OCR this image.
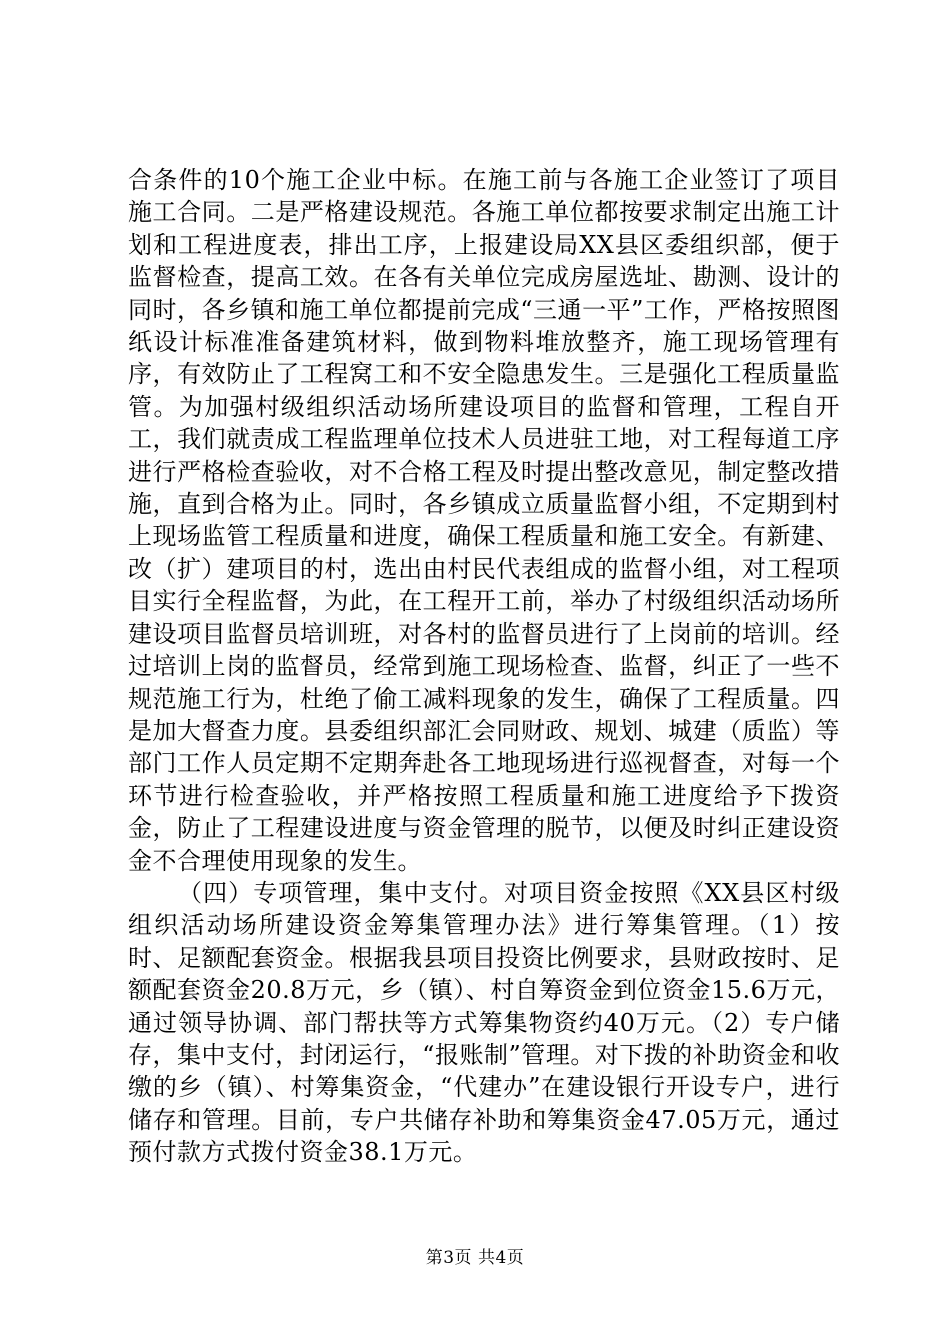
合条件的10个施工企业中标。在施工前与各施工企业签订了项目施工合同。二是严格建设规范。各施工单位都按要求制定出施工计划和工程进度表，排出工序，上报建设局XX县区委组织部，便于监督检查，提高工效。在各有关单位完成房屋选址、勘测、设计的同时，各乡镇和施工单位都提前完成“三通一平”工作，严格按照图纸设计标准准备建筑材料，做到物料堆放整齐，施工现场管理有序，有效防止了工程窝工和不安全隐患发生。三是强化工程质量监管。为加强村级组织活动场所建设项目的监督和管理，工程自开工，我们就责成工程监理单位技术人员进驻工地，对工程每道工序进行严格检查验收，对不合格工程及时提出整改意见，制定整改措施，直到合格为止。同时，各乡镇成立质量监督小组，不定期到村上现场监管工程质量和进度，确保工程质量和施工安全。有新建、改（扩）建项目的村，选出由村民代表组成的监督小组，对工程项目实行全程监督，为此，在工程开工前，举办了村级组织活动场所建设项目监督员培训班，对各村的监督员进行了上岗前的培训。经过培训上岗的监督员，经常到施工现场检查、监督，纠正了一些不规范施工行为，杜绝了偷工减料现象的发生，确保了工程质量。四是加大督查力度。县委组织部汇会同财政、规划、城建（质监）等部门工作人员定期不定期奔赴各工地现场进行巡视督查，对每一个环节进行检查验收，并严格按照工程质量和施工进度给予下拨资金，防止了工程建设进度与资金管理的脱节，以便及时纠正建设资金不合理使用现象的发生。

（四）专项管理，集中支付。对项目资金按照《XX县区村级组织活动场所建设资金筹集管理办法》进行筹集管理。（1）按时、足额配套资金。根据我县项目投资比例要求，县财政按时、足额配套资金20.8万元，乡（镇）、村自筹资金到位资金15.6万元，通过领导协调、部门帮扶等方式筹集物资约40万元。（2）专户储存，集中支付，封闭运行，“报账制”管理。对下拨的补助资金和收缴的乡（镇）、村筹集资金，“代建办”在建设银行开设专户，进行储存和管理。目前，专户共储存补助和筹集资金47.05万元，通过预付款方式拨付资金38.1万元。

第3页 共4页
